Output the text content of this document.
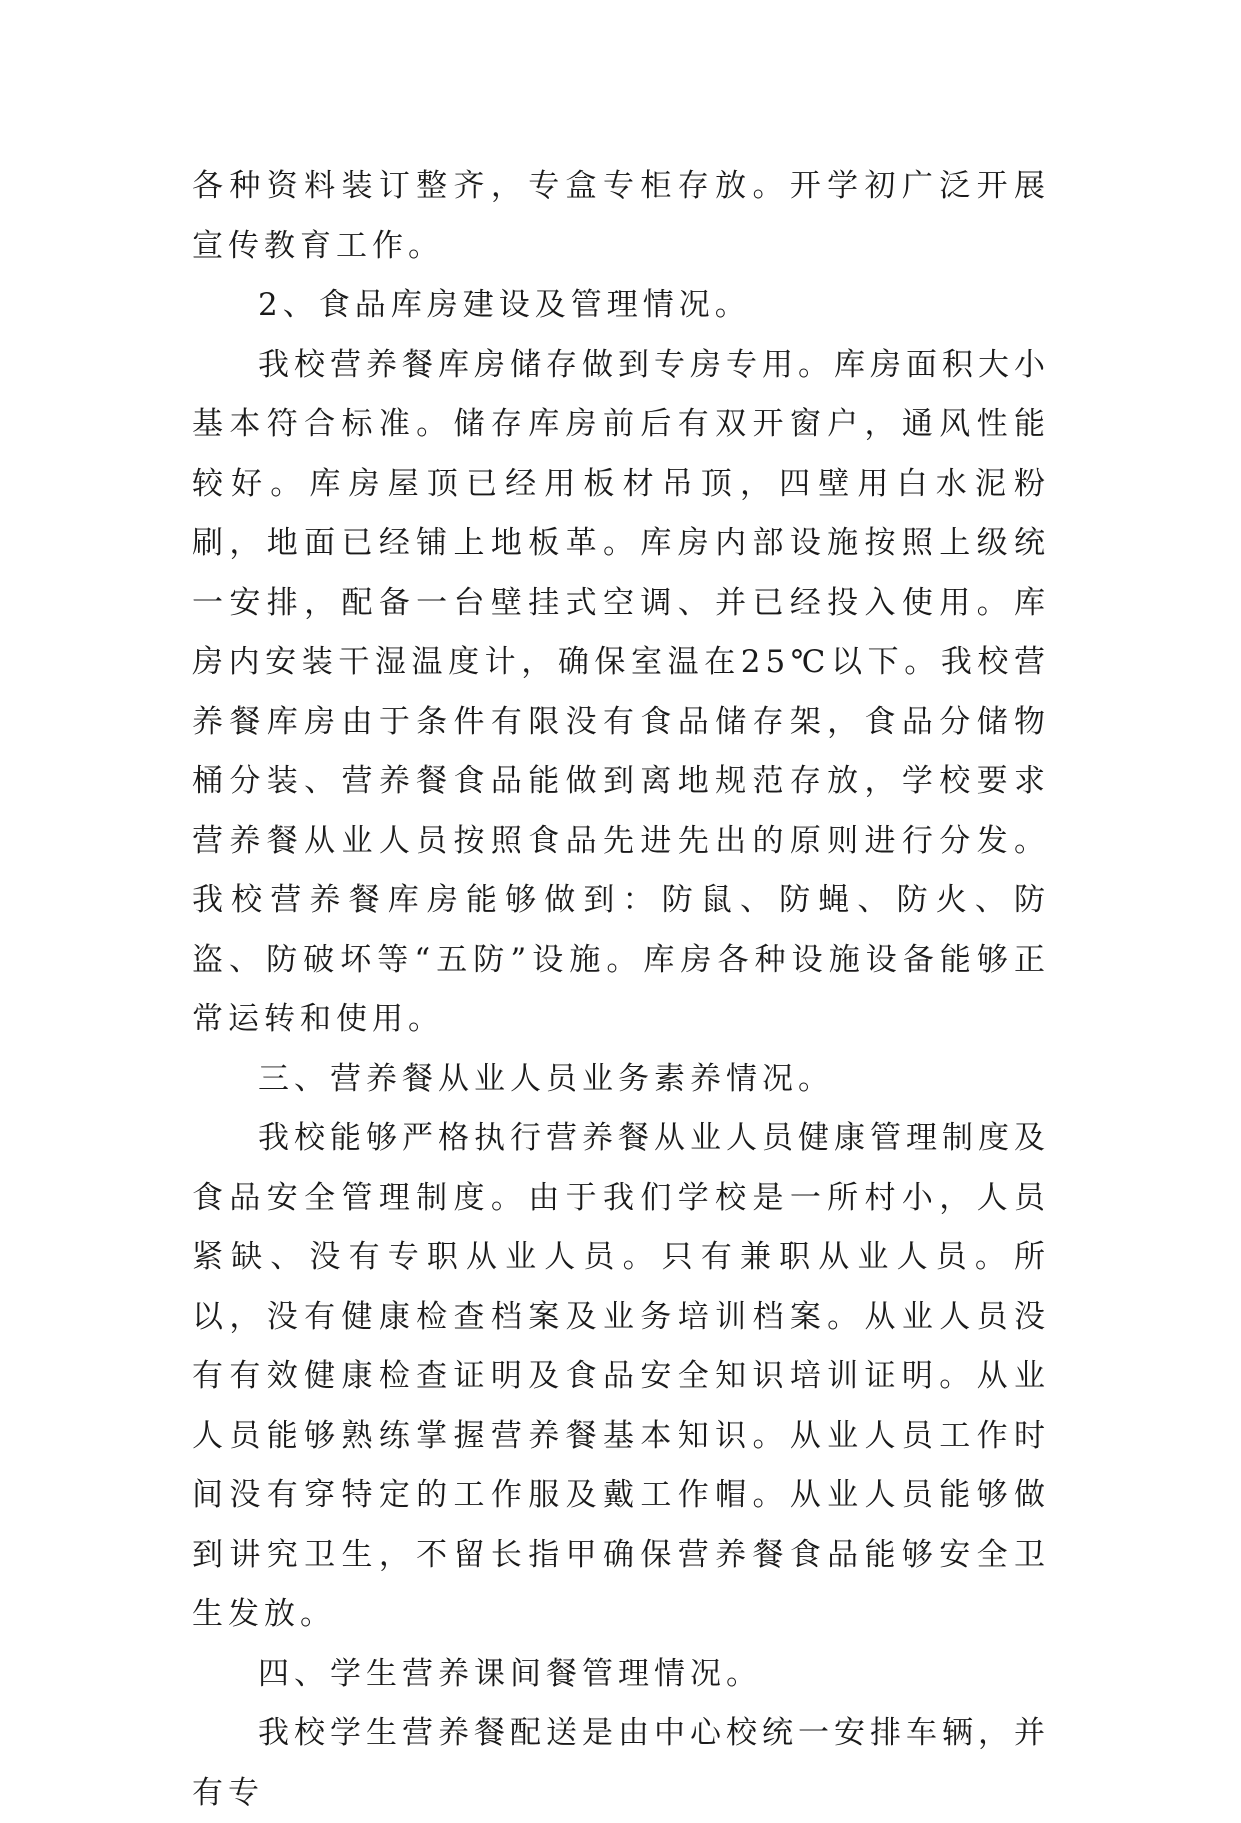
各种资料装订整齐，专盒专柜存放。开学初广泛开展宣传教育工作。

2、食品库房建设及管理情况。

我校营养餐库房储存做到专房专用。库房面积大小基本符合标准。储存库房前后有双开窗户，通风性能较好。库房屋顶已经用板材吊顶，四壁用白水泥粉刷，地面已经铺上地板革。库房内部设施按照上级统一安排，配备一台壁挂式空调、并已经投入使用。库房内安装干湿温度计，确保室温在25℃以下。我校营养餐库房由于条件有限没有食品储存架，食品分储物桶分装、营养餐食品能做到离地规范存放，学校要求营养餐从业人员按照食品先进先出的原则进行分发。我校营养餐库房能够做到：防鼠、防蝇、防火、防盗、防破坏等“五防”设施。库房各种设施设备能够正常运转和使用。

三、营养餐从业人员业务素养情况。

我校能够严格执行营养餐从业人员健康管理制度及食品安全管理制度。由于我们学校是一所村小，人员紧缺、没有专职从业人员。只有兼职从业人员。所以，没有健康检查档案及业务培训档案。从业人员没有有效健康检查证明及食品安全知识培训证明。从业人员能够熟练掌握营养餐基本知识。从业人员工作时间没有穿特定的工作服及戴工作帽。从业人员能够做到讲究卫生，不留长指甲确保营养餐食品能够安全卫生发放。

四、学生营养课间餐管理情况。

我校学生营养餐配送是由中心校统一安排车辆，并有专
